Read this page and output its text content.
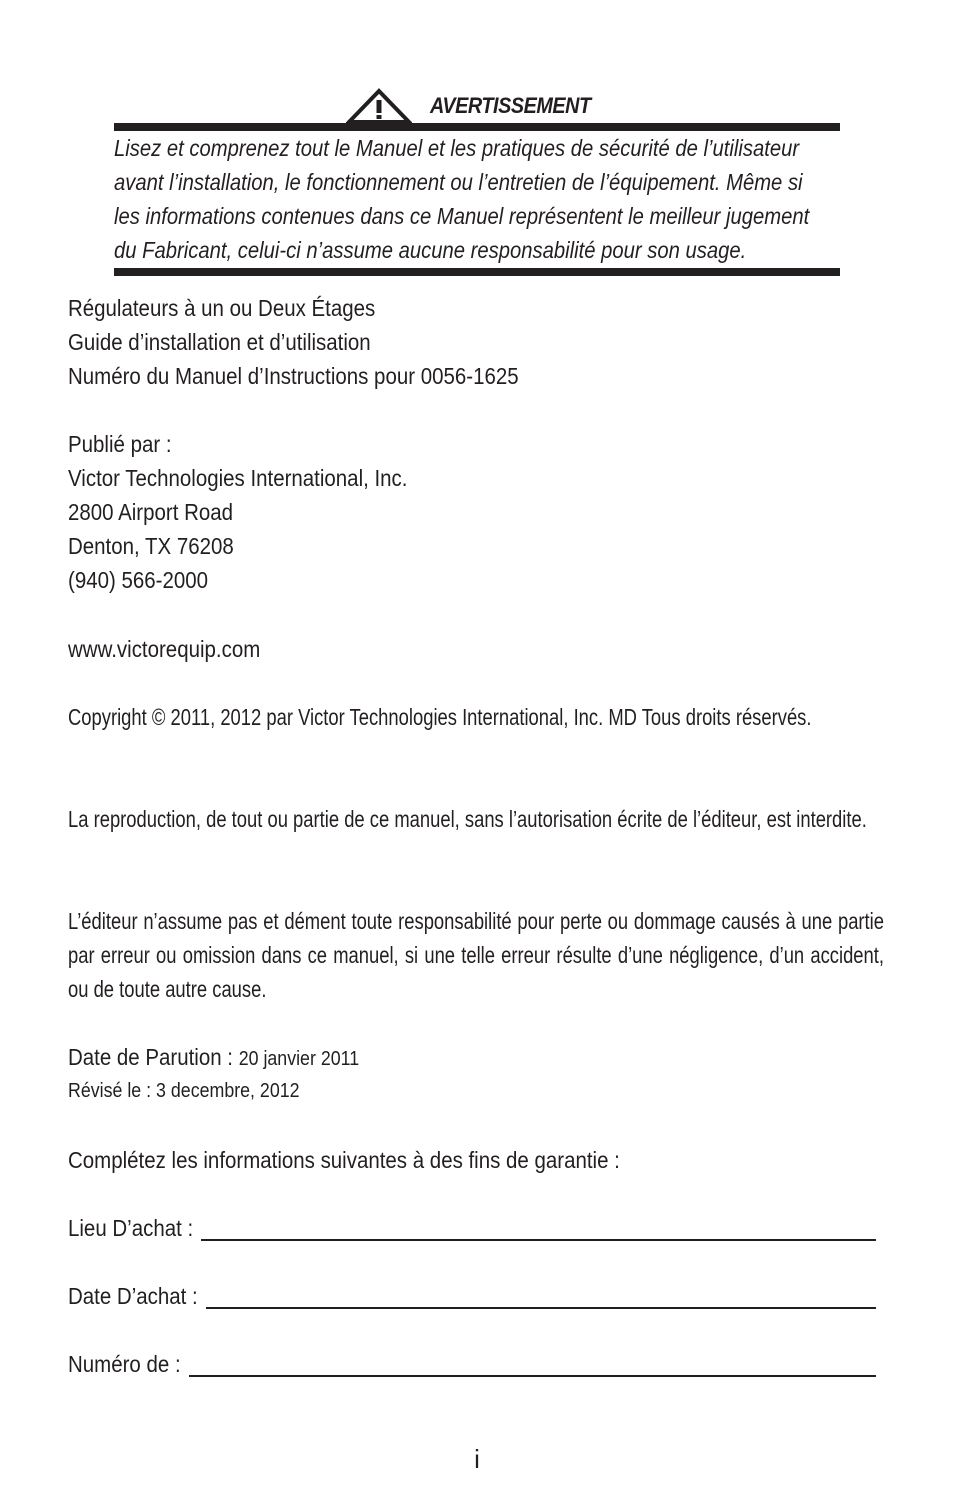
AVERTISSEMENT
Lisez et comprenez tout le Manuel et les pratiques de sécurité de l’utilisateur
avant l’installation, le fonctionnement ou l’entretien de l’équipement. Même si
les informations contenues dans ce Manuel représentent le meilleur jugement
du Fabricant, celui-ci n’assume aucune responsabilité pour son usage.
Régulateurs à un ou Deux Étages
Guide d’installation et d’utilisation
Numéro du Manuel d’Instructions pour 0056-1625
Publié par :
Victor Technologies International, Inc.
2800 Airport Road
Denton, TX 76208
(940) 566-2000
www.victorequip.com
Copyright © 2011, 2012 par Victor Technologies International, Inc. MD Tous droits réservés.
La reproduction, de tout ou partie de ce manuel, sans l’autorisation écrite de l’éditeur, est interdite.
L’éditeur n’assume pas et dément toute responsabilité pour perte ou dommage causés à une partie par erreur ou omission dans ce manuel, si une telle erreur résulte d’une négligence, d’un accident, ou de toute autre cause.
Date de Parution : 20 janvier 2011
Révisé le : 3 decembre, 2012
Complétez les informations suivantes à des fins de garantie :
Lieu D’achat :
Date D’achat :
Numéro de :
i
